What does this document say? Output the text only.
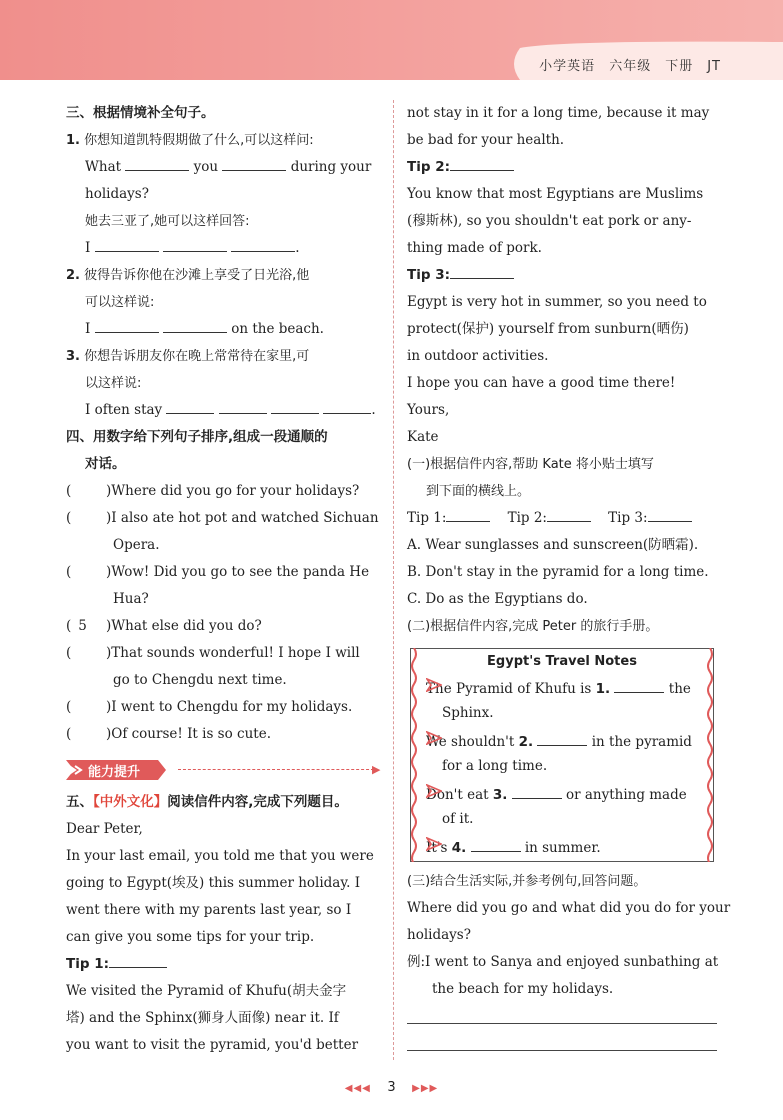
小学英语 六年级 下册 JT
三、根据情境补全句子。
1. 你想知道凯特假期做了什么,可以这样问:
What	you	during your
holidays?
她去三亚了,她可以这样回答:
I	.
2. 彼得告诉你他在沙滩上享受了日光浴,他
可以这样说:
I	on the beach.
3. 你想告诉朋友你在晚上常常待在家里,可
以这样说:
I often stay	.
四、用数字给下列句子排序,组成一段通顺的
对话。
( )Where did you go for your holidays?
( )I also ate hot pot and watched Sichuan
Opera.
( )Wow! Did you go to see the panda He
Hua?
( 5 )What else did you do?
( )That sounds wonderful! I hope I will
go to Chengdu next time.
( )I went to Chengdu for my holidays.
( )Of course! It is so cute.
能力提升	▶
五、【中外文化】阅读信件内容,完成下列题目。
Dear Peter,
In your last email, you told me that you were
going to Egypt(埃及) this summer holiday. I
went there with my parents last year, so I
can give you some tips for your trip.
Tip 1:
We visited the Pyramid of Khufu(胡夫金字
塔) and the Sphinx(狮身人面像) near it. If
you want to visit the pyramid, you'd better
not stay in it for a long time, because it may
be bad for your health.
Tip 2:
You know that most Egyptians are Muslims
(穆斯林), so you shouldn't eat pork or any-
thing made of pork.
Tip 3:
Egypt is very hot in summer, so you need to
protect(保护) yourself from sunburn(晒伤)
in outdoor activities.
I hope you can have a good time there!
Yours,
Kate
(一)根据信件内容,帮助 Kate 将小贴士填写
到下面的横线上。
Tip 1:	Tip 2:	Tip 3:
A. Wear sunglasses and sunscreen(防晒霜).
B. Don't stay in the pyramid for a long time.
C. Do as the Egyptians do.
(二)根据信件内容,完成 Peter 的旅行手册。
Egypt's Travel Notes
The Pyramid of Khufu is 1.	the
Sphinx.
We shouldn't 2.	in the pyramid
for a long time.
Don't eat 3.	or anything made
of it.
It's 4.	in summer.
(三)结合生活实际,并参考例句,回答问题。
Where did you go and what did you do for your
holidays?
例:I went to Sanya and enjoyed sunbathing at
the beach for my holidays.
◀◀◀ 3 ▶▶▶
